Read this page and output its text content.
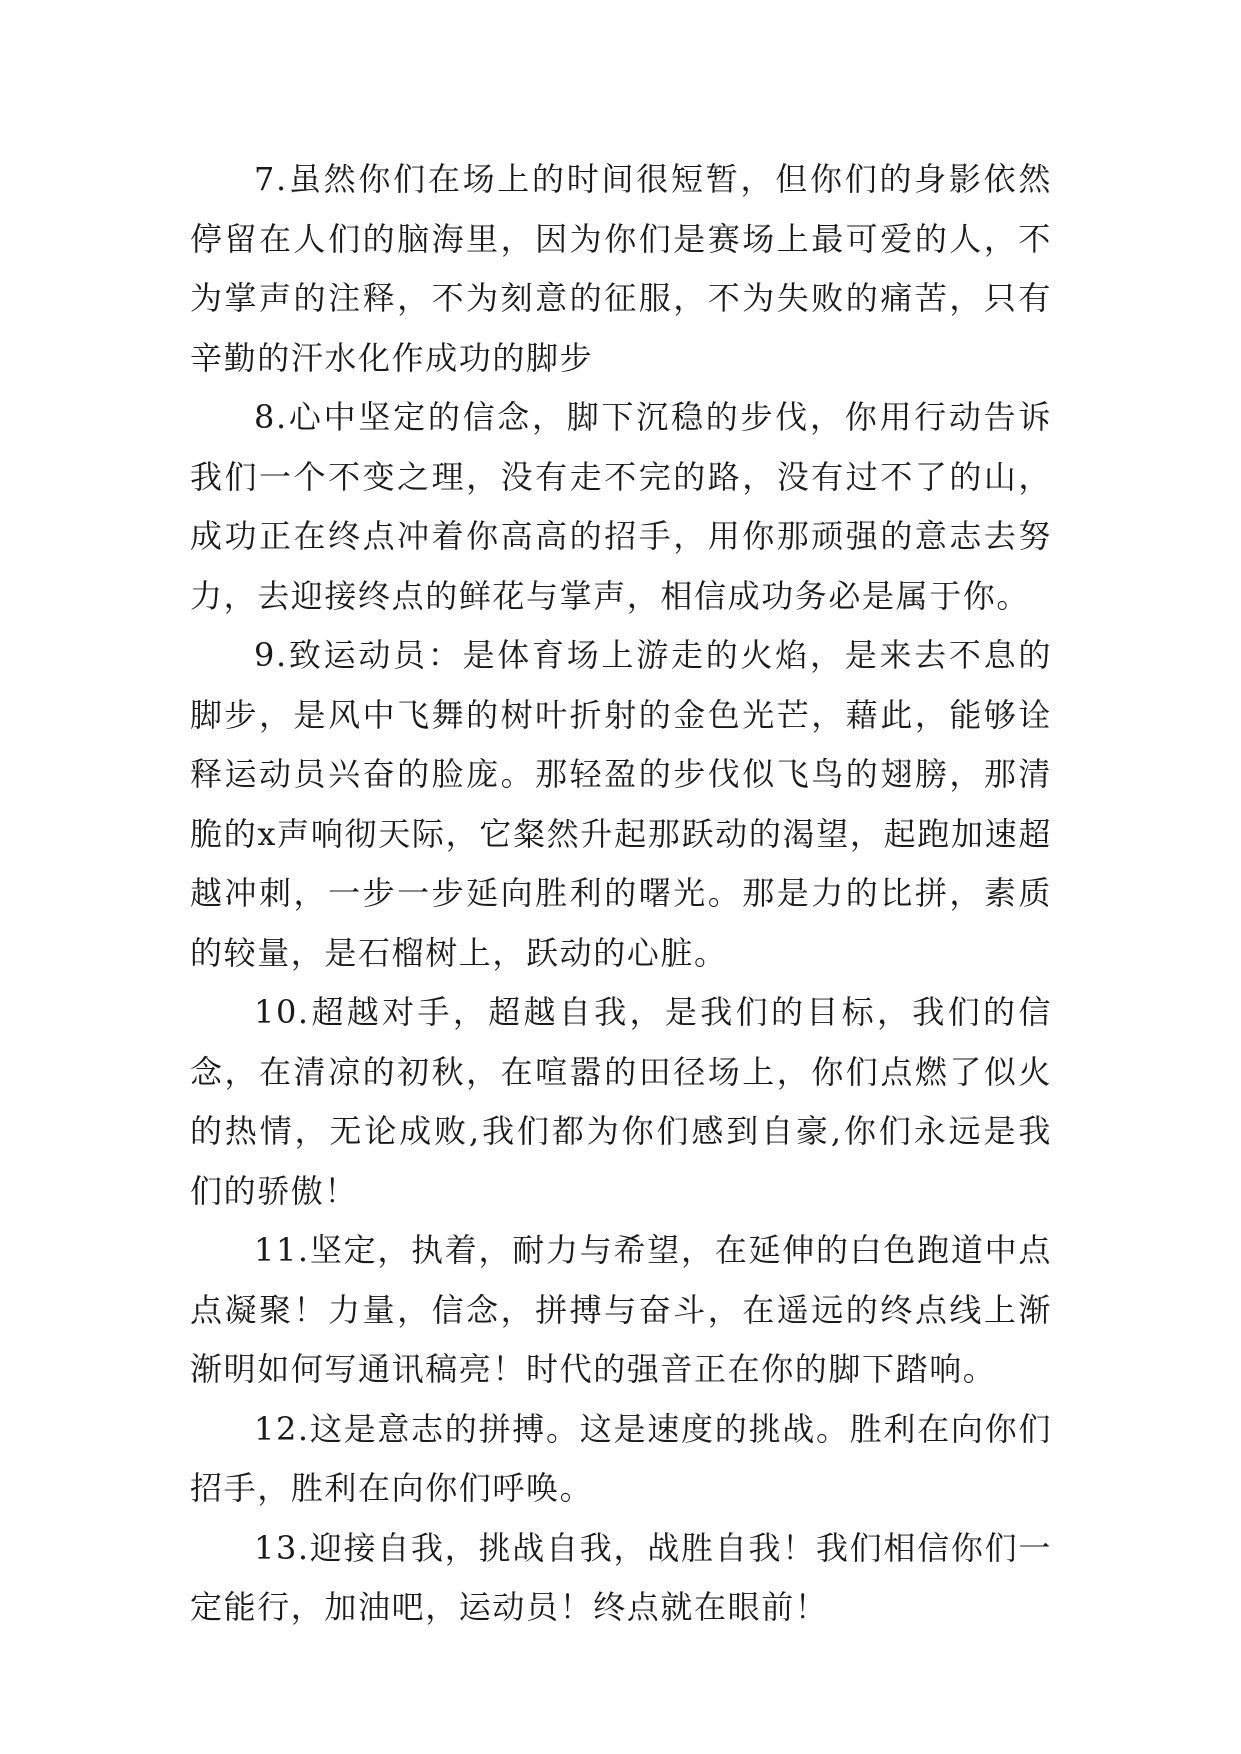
7.虽然你们在场上的时间很短暂，但你们的身影依然停留在人们的脑海里，因为你们是赛场上最可爱的人，不为掌声的注释，不为刻意的征服，不为失败的痛苦，只有辛勤的汗水化作成功的脚步

8.心中坚定的信念，脚下沉稳的步伐，你用行动告诉我们一个不变之理，没有走不完的路，没有过不了的山，成功正在终点冲着你高高的招手，用你那顽强的意志去努力，去迎接终点的鲜花与掌声，相信成功务必是属于你。

9.致运动员：是体育场上游走的火焰，是来去不息的脚步，是风中飞舞的树叶折射的金色光芒，藉此，能够诠释运动员兴奋的脸庞。那轻盈的步伐似飞鸟的翅膀，那清脆的x声响彻天际，它粲然升起那跃动的渴望，起跑加速超越冲刺，一步一步延向胜利的曙光。那是力的比拼，素质的较量，是石榴树上，跃动的心脏。

10.超越对手，超越自我，是我们的目标，我们的信念，在清凉的初秋，在喧嚣的田径场上，你们点燃了似火的热情，无论成败,我们都为你们感到自豪,你们永远是我们的骄傲！

11.坚定，执着，耐力与希望，在延伸的白色跑道中点点凝聚！力量，信念，拼搏与奋斗，在遥远的终点线上渐渐明如何写通讯稿亮！时代的强音正在你的脚下踏响。

12.这是意志的拼搏。这是速度的挑战。胜利在向你们招手，胜利在向你们呼唤。

13.迎接自我，挑战自我，战胜自我！我们相信你们一定能行，加油吧，运动员！终点就在眼前！
